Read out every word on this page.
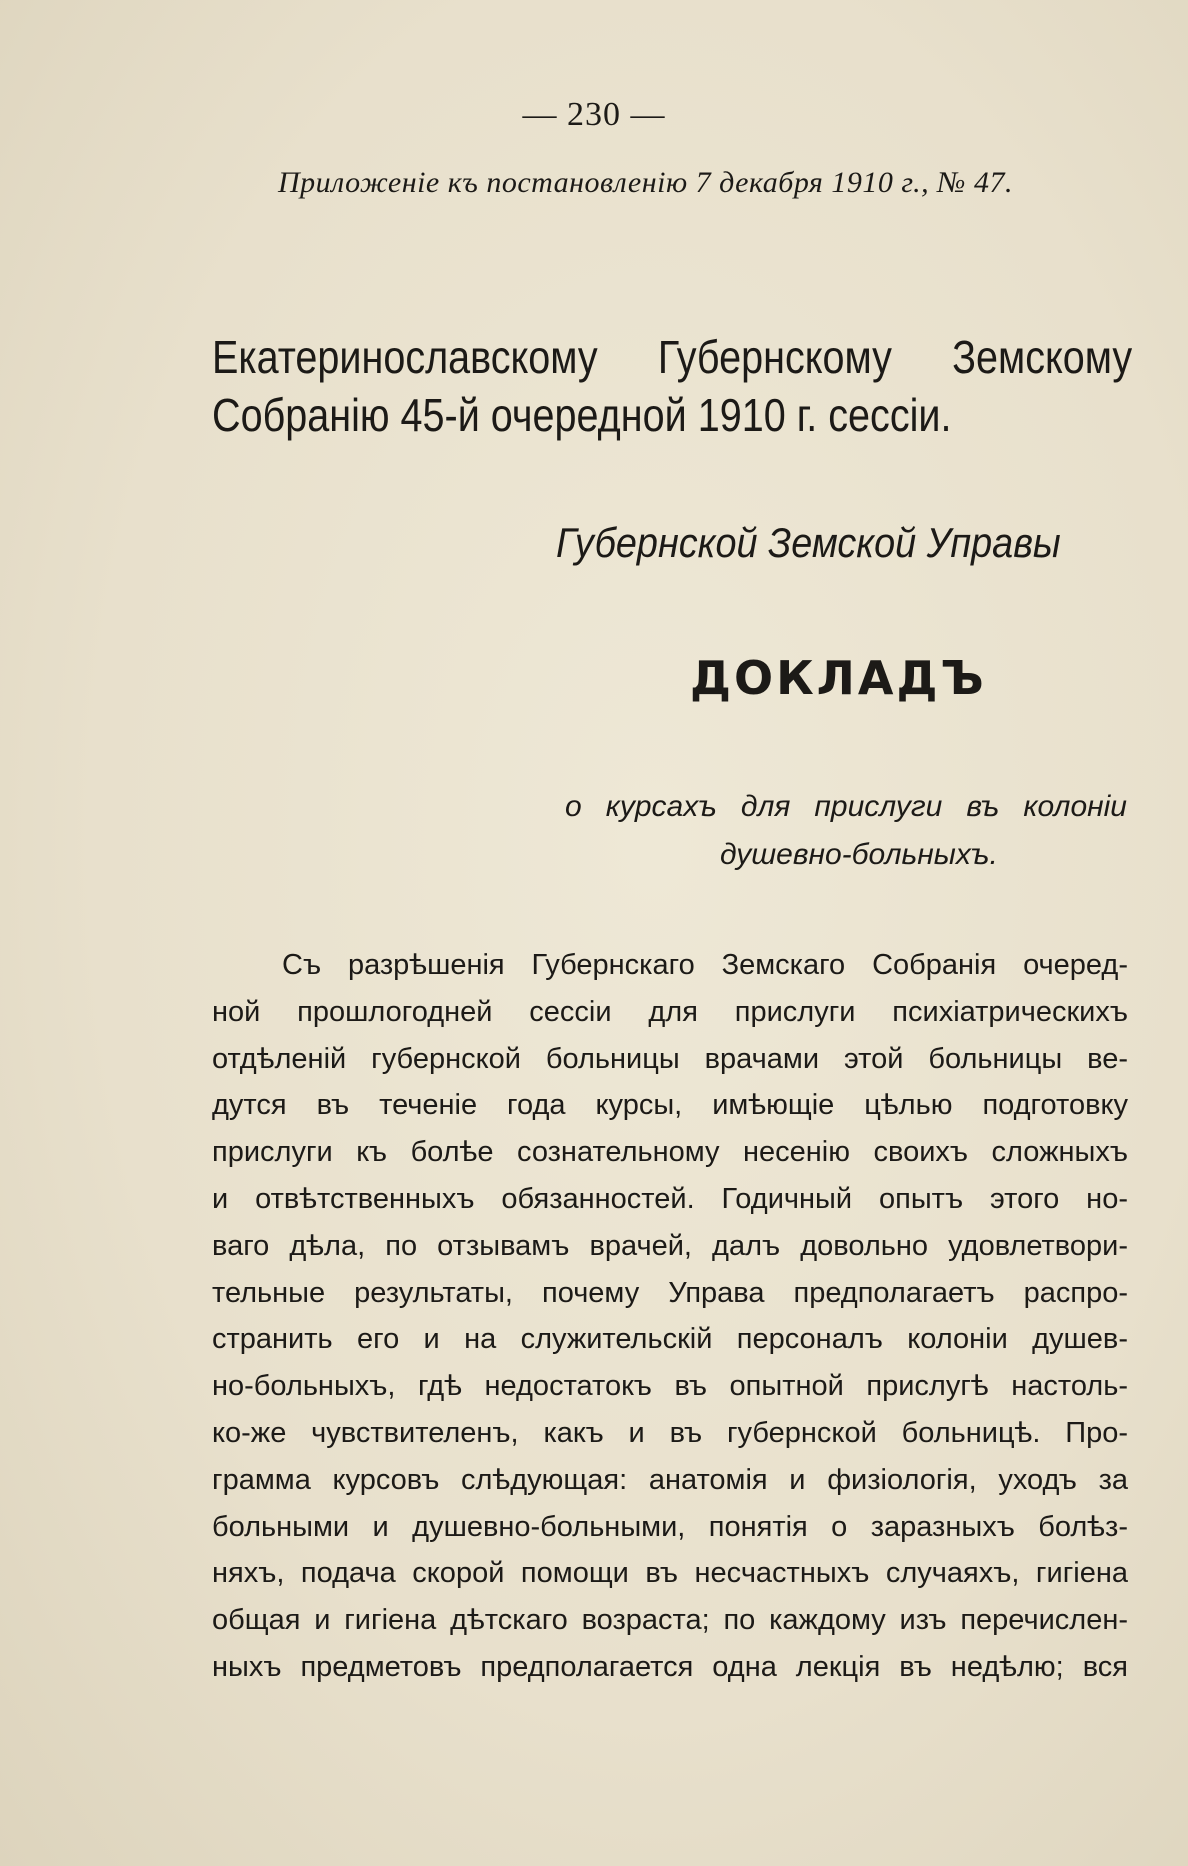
— 230 —
Приложеніе къ постановленію 7 декабря 1910 г., № 47.
Екатеринославскому Губернскому Земскому
Собранію 45-й очередной 1910 г. сессіи.
Губернской Земской Управы
ДОКЛАДЪ
о курсахъ для прислуги въ колоніи
душевно-больныхъ.
Съ разрѣшенія Губернскаго Земскаго Собранія очеред-
ной прошлогодней сессіи для прислуги психіатрическихъ
отдѣленій губернской больницы врачами этой больницы ве-
дутся въ теченіе года курсы, имѣющіе цѣлью подготовку
прислуги къ болѣе сознательному несенію своихъ сложныхъ
и отвѣтственныхъ обязанностей. Годичный опытъ этого но-
ваго дѣла, по отзывамъ врачей, далъ довольно удовлетвори-
тельные результаты, почему Управа предполагаетъ распро-
странить его и на служительскій персоналъ колоніи душев-
но-больныхъ, гдѣ недостатокъ въ опытной прислугѣ настоль-
ко-же чувствителенъ, какъ и въ губернской больницѣ. Про-
грамма курсовъ слѣдующая: анатомія и физіологія, уходъ за
больными и душевно-больными, понятія о заразныхъ болѣз-
няхъ, подача скорой помощи въ несчастныхъ случаяхъ, гигіена
общая и гигіена дѣтскаго возраста; по каждому изъ перечислен-
ныхъ предметовъ предполагается одна лекція въ недѣлю; вся
